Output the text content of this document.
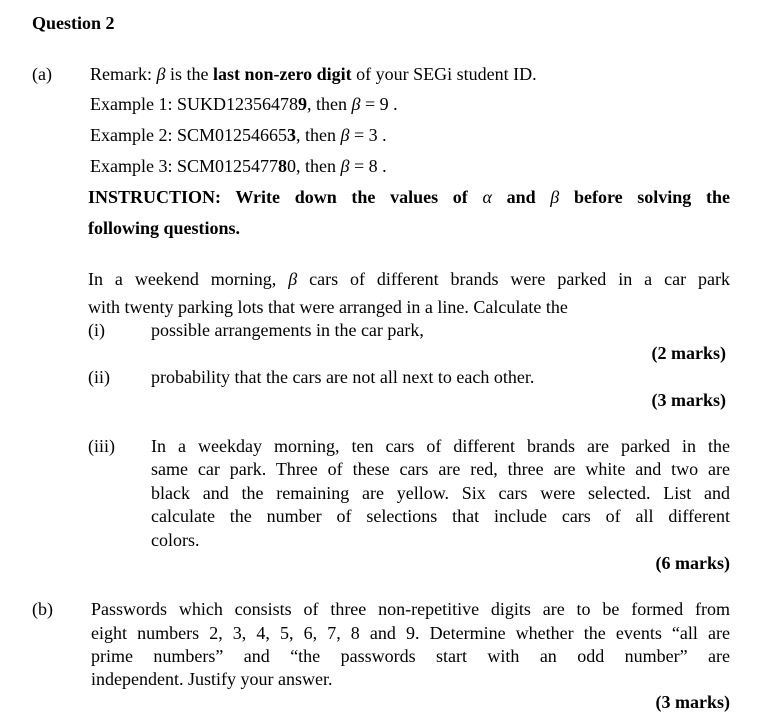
Question 2
(a) Remark: β is the last non-zero digit of your SEGi student ID.
Example 1: SUKD123564789, then β = 9 .
Example 2: SCM012546653, then β = 3 .
Example 3: SCM012547780, then β = 8 .
INSTRUCTION: Write down the values of α and β before solving the
following questions.
In a weekend morning, β cars of different brands were parked in a car park
with twenty parking lots that were arranged in a line. Calculate the
(i)	possible arrangements in the car park,
(2 marks)
(ii) probability that the cars are not all next to each other.
(3 marks)
(iii) In a weekday morning, ten cars of different brands are parked in the
same car park. Three of these cars are red, three are white and two are
black and the remaining are yellow. Six cars were selected. List and
calculate the number of selections that include cars of all different
colors.
(6 marks)
(b) Passwords which consists of three non-repetitive digits are to be formed from
eight numbers 2, 3, 4, 5, 6, 7, 8 and 9. Determine whether the events “all are
prime numbers” and “the passwords start with an odd number” are
independent. Justify your answer.
(3 marks)
